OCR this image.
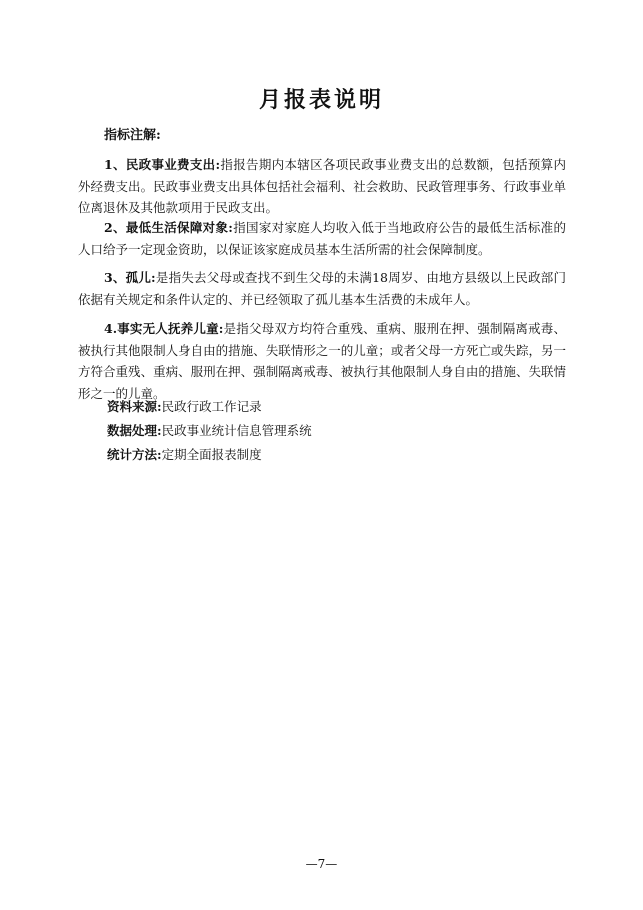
月报表说明
指标注解:
1、民政事业费支出:指报告期内本辖区各项民政事业费支出的总数额，包括预算内外经费支出。民政事业费支出具体包括社会福利、社会救助、民政管理事务、行政事业单位离退休及其他款项用于民政支出。
2、最低生活保障对象:指国家对家庭人均收入低于当地政府公告的最低生活标准的人口给予一定现金资助，以保证该家庭成员基本生活所需的社会保障制度。
3、孤儿:是指失去父母或查找不到生父母的未满18周岁、由地方县级以上民政部门依据有关规定和条件认定的、并已经领取了孤儿基本生活费的未成年人。
4.事实无人抚养儿童:是指父母双方均符合重残、重病、服刑在押、强制隔离戒毒、被执行其他限制人身自由的措施、失联情形之一的儿童；或者父母一方死亡或失踪，另一方符合重残、重病、服刑在押、强制隔离戒毒、被执行其他限制人身自由的措施、失联情形之一的儿童。
资料来源:民政行政工作记录
数据处理:民政事业统计信息管理系统
统计方法:定期全面报表制度
—7—
